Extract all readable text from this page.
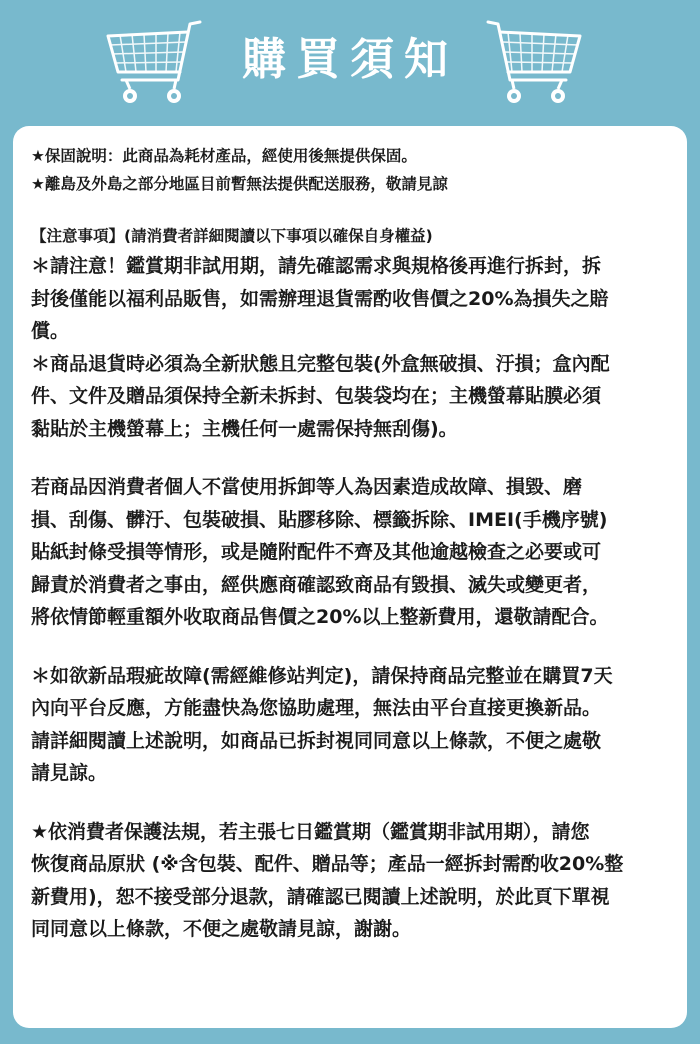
購買須知
★保固說明：此商品為耗材產品，經使用後無提供保固。
★離島及外島之部分地區目前暫無法提供配送服務，敬請見諒
【注意事項】(請消費者詳細閱讀以下事項以確保自身權益)
＊請注意！鑑賞期非試用期，請先確認需求與規格後再進行拆封，拆
封後僅能以福利品販售，如需辦理退貨需酌收售價之20%為損失之賠
償。
＊商品退貨時必須為全新狀態且完整包裝(外盒無破損、汙損；盒內配
件、文件及贈品須保持全新未拆封、包裝袋均在；主機螢幕貼膜必須
黏貼於主機螢幕上；主機任何一處需保持無刮傷)。
若商品因消費者個人不當使用拆卸等人為因素造成故障、損毀、磨
損、刮傷、髒汙、包裝破損、貼膠移除、標籤拆除、IMEI(手機序號)
貼紙封條受損等情形，或是隨附配件不齊及其他逾越檢查之必要或可
歸責於消費者之事由，經供應商確認致商品有毀損、滅失或變更者，
將依情節輕重額外收取商品售價之20%以上整新費用，還敬請配合。
＊如欲新品瑕疵故障(需經維修站判定)，請保持商品完整並在購買7天
內向平台反應，方能盡快為您協助處理，無法由平台直接更換新品。
請詳細閱讀上述說明，如商品已拆封視同同意以上條款，不便之處敬
請見諒。
★依消費者保護法規，若主張七日鑑賞期（鑑賞期非試用期），請您
恢復商品原狀 (※含包裝、配件、贈品等；產品一經拆封需酌收20%整
新費用)，恕不接受部分退款，請確認已閱讀上述說明，於此頁下單視
同同意以上條款，不便之處敬請見諒，謝謝。
